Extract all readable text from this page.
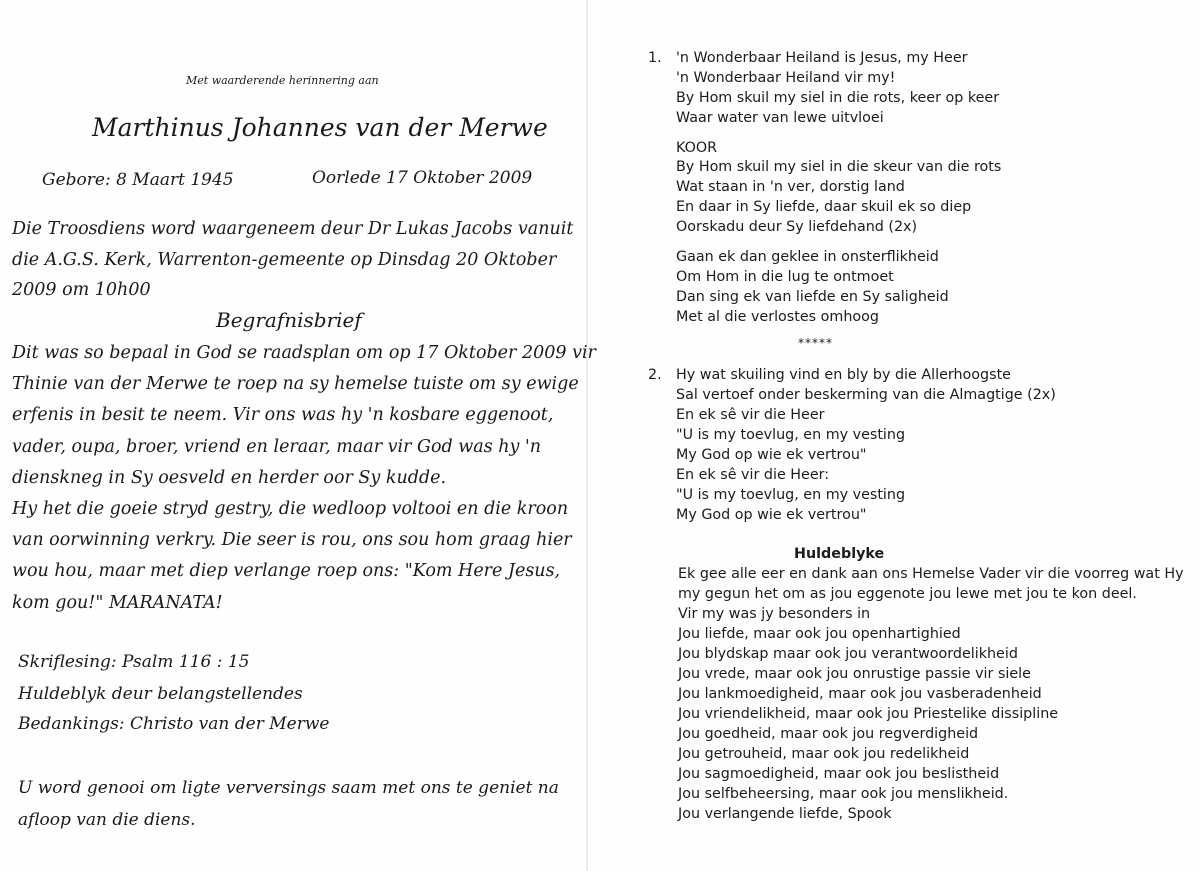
Met waarderende herinnering aan
Marthinus Johannes van der Merwe
Gebore: 8 Maart 1945	Oorlede 17 Oktober 2009
Die Troosdiens word waargeneem deur Dr Lukas Jacobs vanuit
die A.G.S. Kerk, Warrenton-gemeente op Dinsdag 20 Oktober
2009 om 10h00
Begrafnisbrief
Dit was so bepaal in God se raadsplan om op 17 Oktober 2009 vir
Thinie van der Merwe te roep na sy hemelse tuiste om sy ewige
erfenis in besit te neem. Vir ons was hy 'n kosbare eggenoot,
vader, oupa, broer, vriend en leraar, maar vir God was hy 'n
dienskneg in Sy oesveld en herder oor Sy kudde.
Hy het die goeie stryd gestry, die wedloop voltooi en die kroon
van oorwinning verkry. Die seer is rou, ons sou hom graag hier
wou hou, maar met diep verlange roep ons: "Kom Here Jesus,
kom gou!" MARANATA!
Skriflesing: Psalm 116 : 15
Huldeblyk deur belangstellendes
Bedankings: Christo van der Merwe
U word genooi om ligte verversings saam met ons te geniet na
afloop van die diens.
1. 'n Wonderbaar Heiland is Jesus, my Heer
'n Wonderbaar Heiland vir my!
By Hom skuil my siel in die rots, keer op keer
Waar water van lewe uitvloei
KOOR
By Hom skuil my siel in die skeur van die rots
Wat staan in 'n ver, dorstig land
En daar in Sy liefde, daar skuil ek so diep
Oorskadu deur Sy liefdehand (2x)
Gaan ek dan geklee in onsterflikheid
Om Hom in die lug te ontmoet
Dan sing ek van liefde en Sy saligheid
Met al die verlostes omhoog
*****
2. Hy wat skuiling vind en bly by die Allerhoogste
Sal vertoef onder beskerming van die Almagtige (2x)
En ek sê vir die Heer
"U is my toevlug, en my vesting
My God op wie ek vertrou"
En ek sê vir die Heer:
"U is my toevlug, en my vesting
My God op wie ek vertrou"
Huldeblyke
Ek gee alle eer en dank aan ons Hemelse Vader vir die voorreg wat Hy
my gegun het om as jou eggenote jou lewe met jou te kon deel.
Vir my was jy besonders in
Jou liefde, maar ook jou openhartighied
Jou blydskap maar ook jou verantwoordelikheid
Jou vrede, maar ook jou onrustige passie vir siele
Jou lankmoedigheid, maar ook jou vasberadenheid
Jou vriendelikheid, maar ook jou Priestelike dissipline
Jou goedheid, maar ook jou regverdigheid
Jou getrouheid, maar ook jou redelikheid
Jou sagmoedigheid, maar ook jou beslistheid
Jou selfbeheersing, maar ook jou menslikheid.
Jou verlangende liefde, Spook
